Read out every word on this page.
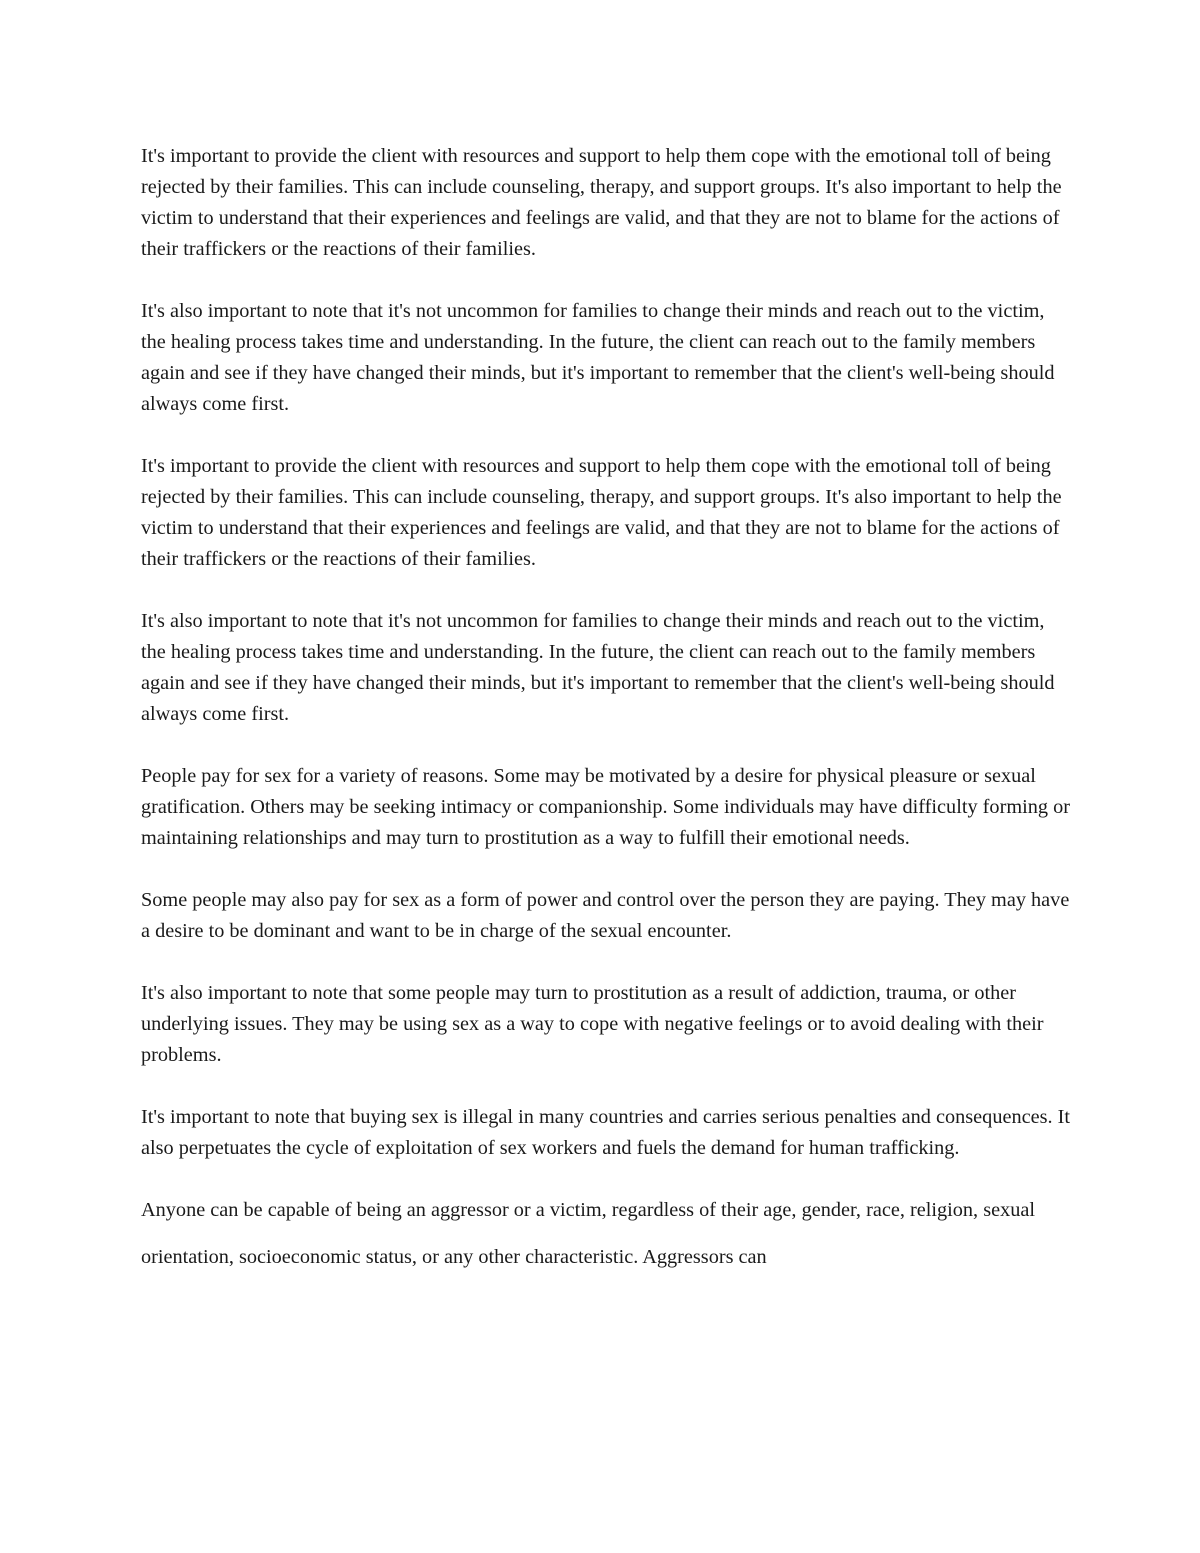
It's important to provide the client with resources and support to help them cope with the emotional toll of being rejected by their families. This can include counseling, therapy, and support groups. It's also important to help the victim to understand that their experiences and feelings are valid, and that they are not to blame for the actions of their traffickers or the reactions of their families.

It's also important to note that it's not uncommon for families to change their minds and reach out to the victim, the healing process takes time and understanding. In the future, the client can reach out to the family members again and see if they have changed their minds, but it's important to remember that the client's well-being should always come first.

It's important to provide the client with resources and support to help them cope with the emotional toll of being rejected by their families. This can include counseling, therapy, and support groups. It's also important to help the victim to understand that their experiences and feelings are valid, and that they are not to blame for the actions of their traffickers or the reactions of their families.

It's also important to note that it's not uncommon for families to change their minds and reach out to the victim, the healing process takes time and understanding. In the future, the client can reach out to the family members again and see if they have changed their minds, but it's important to remember that the client's well-being should always come first.

People pay for sex for a variety of reasons. Some may be motivated by a desire for physical pleasure or sexual gratification. Others may be seeking intimacy or companionship. Some individuals may have difficulty forming or maintaining relationships and may turn to prostitution as a way to fulfill their emotional needs.

Some people may also pay for sex as a form of power and control over the person they are paying. They may have a desire to be dominant and want to be in charge of the sexual encounter.

It's also important to note that some people may turn to prostitution as a result of addiction, trauma, or other underlying issues. They may be using sex as a way to cope with negative feelings or to avoid dealing with their problems.

It's important to note that buying sex is illegal in many countries and carries serious penalties and consequences. It also perpetuates the cycle of exploitation of sex workers and fuels the demand for human trafficking.

Anyone can be capable of being an aggressor or a victim, regardless of their age, gender, race, religion, sexual orientation, socioeconomic status, or any other characteristic. Aggressors can
